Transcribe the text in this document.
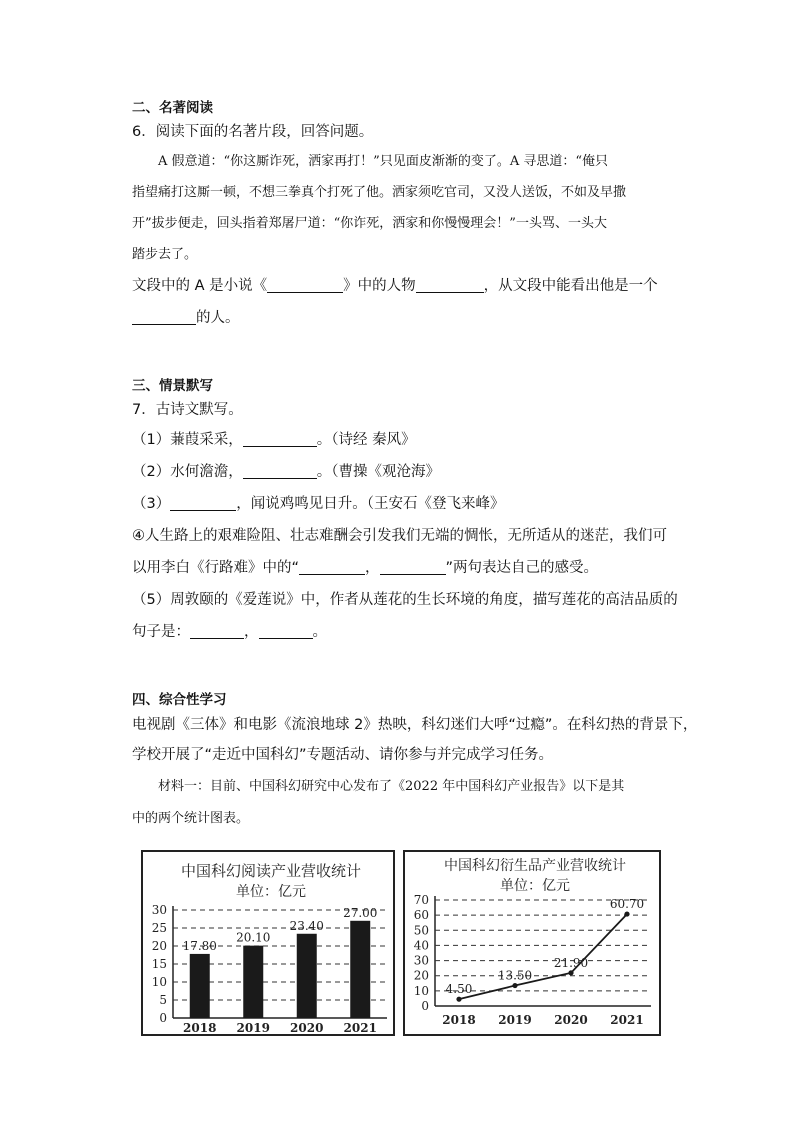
二、名著阅读

6．阅读下面的名著片段，回答问题。

A 假意道：“你这厮诈死，洒家再打！”只见面皮渐渐的变了。A 寻思道：“俺只

指望痛打这厮一顿，不想三拳真个打死了他。洒家须吃官司，又没人送饭，不如及早撒

开”拔步便走，回头指着郑屠尸道：“你诈死，洒家和你慢慢理会！”一头骂、一头大

踏步去了。

文段中的 A 是小说《	》中的人物	，从文段中能看出他是一个

的人。

三、情景默写

7．古诗文默写。

（1）蒹葭采采，	。（诗经 秦风》

（2）水何澹澹，	。（曹操《观沧海》

（3）	，闻说鸡鸣见日升。（王安石《登飞来峰》

④人生路上的艰难险阻、壮志难酬会引发我们无端的惆怅，无所适从的迷茫，我们可

以用李白《行路难》中的“	，	”两句表达自己的感受。

（5）周敦颐的《爱莲说》中，作者从莲花的生长环境的角度，描写莲花的高洁品质的

句子是：	，	。

四、综合性学习

电视剧《三体》和电影《流浪地球 2》热映，科幻迷们大呼“过瘾”。在科幻热的背景下，

学校开展了“走近中国科幻”专题活动、请你参与并完成学习任务。

材料一：目前、中国科幻研究中心发布了《2022 年中国科幻产业报告》以下是其

中的两个统计图表。

中国科幻阅读产业营收统计
单位：亿元
0
5
10
15
20
25
30
17.80
2018
20.10
2019
23.40
2020
27.00
2021
中国科幻衍生品产业营收统计
单位：亿元
0
10
20
30
40
50
60
70
4.50
2018
13.50
2019
21.90
2020
60.70
2021
